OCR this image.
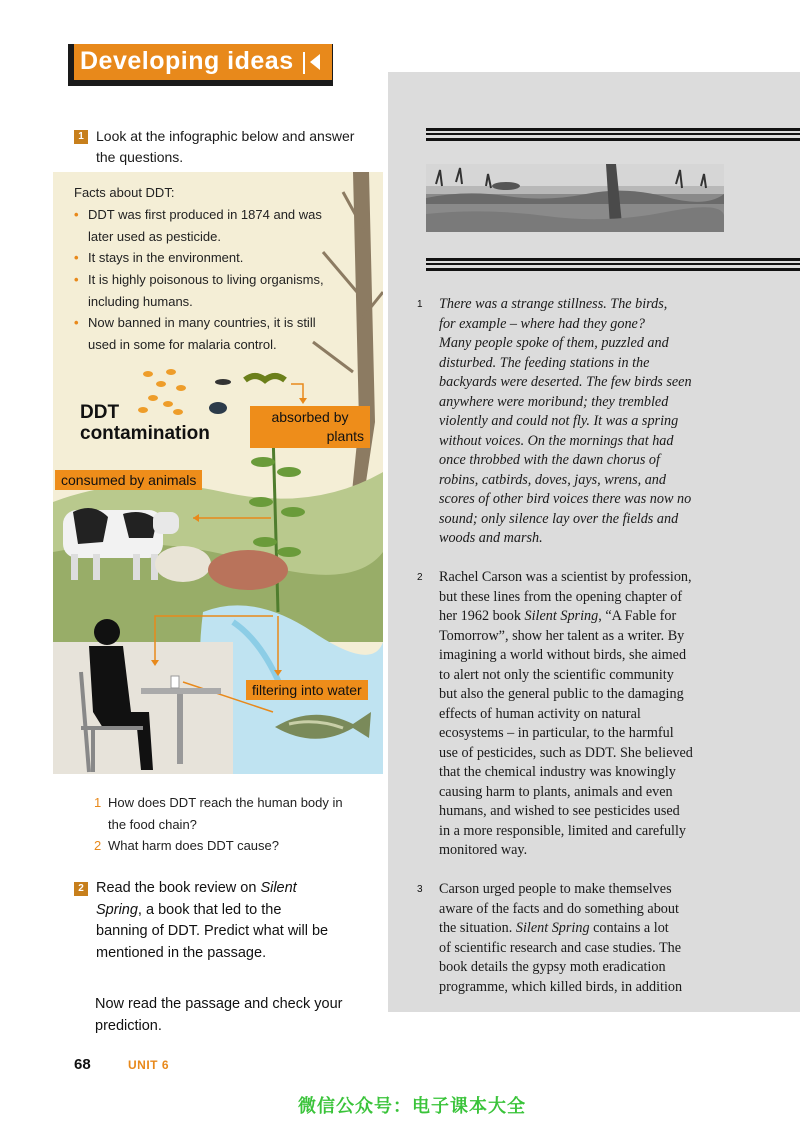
Developing ideas
1 Look at the infographic below and answer
the questions.
Facts about DDT:
• DDT was first produced in 1874 and was
later used as pesticide.
• It stays in the environment.
• It is highly poisonous to living organisms,
including humans.
• Now banned in many countries, it is still
used in some for malaria control.
DDT
contamination
absorbed by
plants
consumed by animals
filtering into water
1 How does DDT reach the human body in
the food chain?
2 What harm does DDT cause?
2 Read the book review on Silent
Spring, a book that led to the
banning of DDT. Predict what will be
mentioned in the passage.
Now read the passage and check your
prediction.
1 There was a strange stillness. The birds,
for example – where had they gone?
Many people spoke of them, puzzled and
disturbed. The feeding stations in the
backyards were deserted. The few birds seen
anywhere were moribund; they trembled
violently and could not fly. It was a spring
without voices. On the mornings that had
once throbbed with the dawn chorus of
robins, catbirds, doves, jays, wrens, and
scores of other bird voices there was now no
sound; only silence lay over the fields and
woods and marsh.
2 Rachel Carson was a scientist by profession,
but these lines from the opening chapter of
her 1962 book Silent Spring, “A Fable for
Tomorrow”, show her talent as a writer. By
imagining a world without birds, she aimed
to alert not only the scientific community
but also the general public to the damaging
effects of human activity on natural
ecosystems – in particular, to the harmful
use of pesticides, such as DDT. She believed
that the chemical industry was knowingly
causing harm to plants, animals and even
humans, and wished to see pesticides used
in a more responsible, limited and carefully
monitored way.
3 Carson urged people to make themselves
aware of the facts and do something about
the situation. Silent Spring contains a lot
of scientific research and case studies. The
book details the gypsy moth eradication
programme, which killed birds, in addition
68	UNIT 6
微信公众号：电子课本大全
